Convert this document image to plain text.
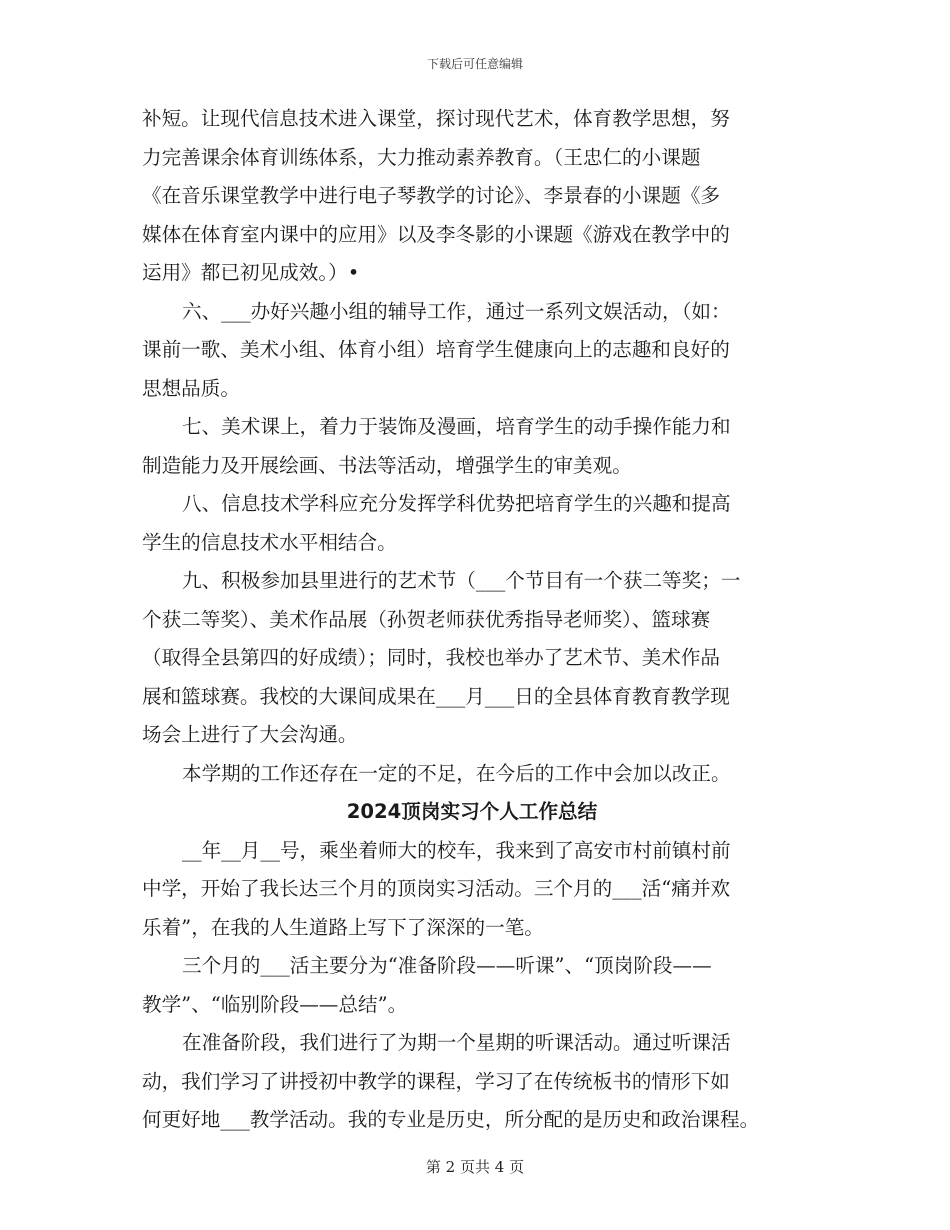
下载后可任意编辑
补短。让现代信息技术进入课堂，探讨现代艺术，体育教学思想，努
力完善课余体育训练体系，大力推动素养教育。（王忠仁的小课题
《在音乐课堂教学中进行电子琴教学的讨论》、李景春的小课题《多
媒体在体育室内课中的应用》以及李冬影的小课题《游戏在教学中的
运用》都已初见成效。）•
六、___办好兴趣小组的辅导工作，通过一系列文娱活动，（如：
课前一歌、美术小组、体育小组）培育学生健康向上的志趣和良好的
思想品质。
七、美术课上，着力于装饰及漫画，培育学生的动手操作能力和
制造能力及开展绘画、书法等活动，增强学生的审美观。
八、信息技术学科应充分发挥学科优势把培育学生的兴趣和提高
学生的信息技术水平相结合。
九、积极参加县里进行的艺术节（___个节目有一个获二等奖；一
个获二等奖）、美术作品展（孙贺老师获优秀指导老师奖）、篮球赛
（取得全县第四的好成绩）；同时，我校也举办了艺术节、美术作品
展和篮球赛。我校的大课间成果在___月___日的全县体育教育教学现
场会上进行了大会沟通。
本学期的工作还存在一定的不足，在今后的工作中会加以改正。
2024顶岗实习个人工作总结
__年__月__号，乘坐着师大的校车，我来到了高安市村前镇村前
中学，开始了我长达三个月的顶岗实习活动。三个月的___活“痛并欢
乐着”，在我的人生道路上写下了深深的一笔。
三个月的___活主要分为“准备阶段——听课”、“顶岗阶段——
教学”、“临别阶段——总结”。
在准备阶段，我们进行了为期一个星期的听课活动。通过听课活
动，我们学习了讲授初中教学的课程，学习了在传统板书的情形下如
何更好地___教学活动。我的专业是历史，所分配的是历史和政治课程。
第 2 页共 4 页
